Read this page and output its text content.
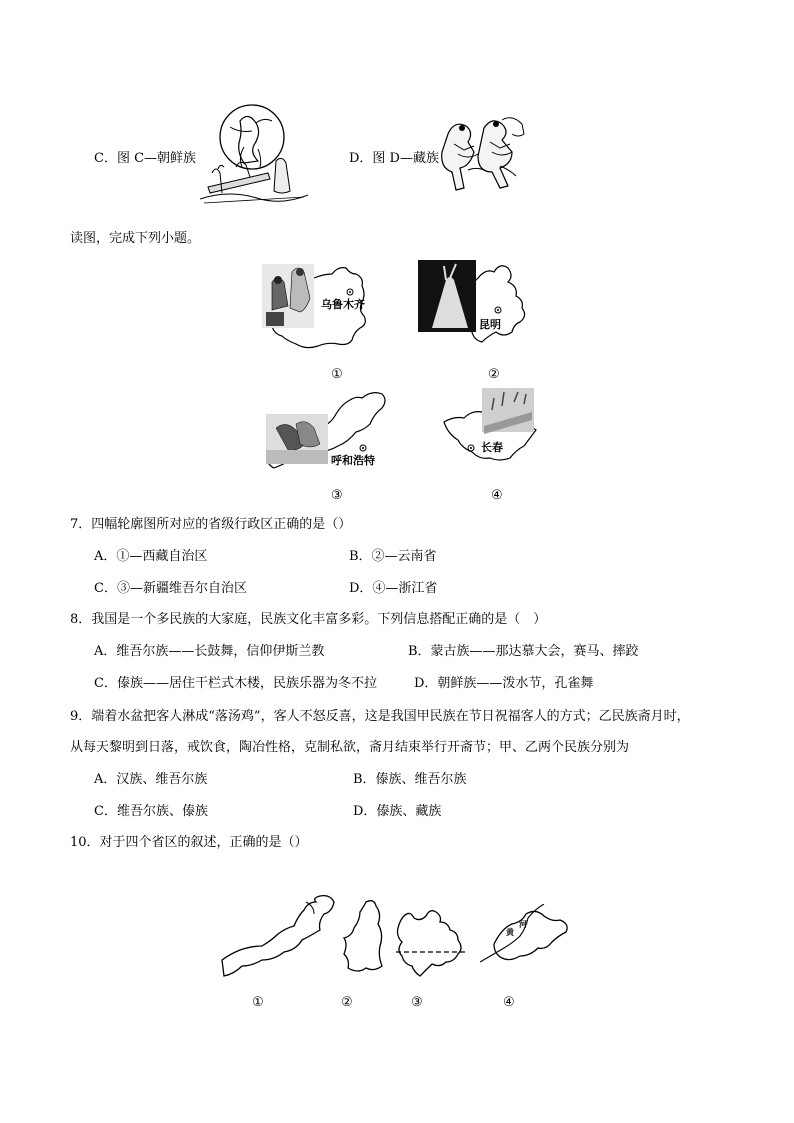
C．图 C—朝鲜族	D．图 D—藏族
读图，完成下列小题。
乌鲁木齐
昆明
呼和浩特
长春
①	②
③	④
7．四幅轮廓图所对应的省级行政区正确的是（）
A．①—西藏自治区	B．②—云南省
C．③—新疆维吾尔自治区	D．④—浙江省
8．我国是一个多民族的大家庭，民族文化丰富多彩。下列信息搭配正确的是（　）
A．维吾尔族——长鼓舞，信仰伊斯兰教	B．蒙古族——那达慕大会，赛马、摔跤
C．傣族——居住干栏式木楼，民族乐器为冬不拉	D．朝鲜族——泼水节，孔雀舞
9．端着水盆把客人淋成“落汤鸡”，客人不怒反喜，这是我国甲民族在节日祝福客人的方式；乙民族斋月时，
从每天黎明到日落，戒饮食，陶冶性格，克制私欲，斋月结束举行开斋节；甲、乙两个民族分别为
A．汉族、维吾尔族	B．傣族、维吾尔族
C．维吾尔族、傣族	D．傣族、藏族
10．对于四个省区的叙述，正确的是（）
黄
河
①	②	③	④
